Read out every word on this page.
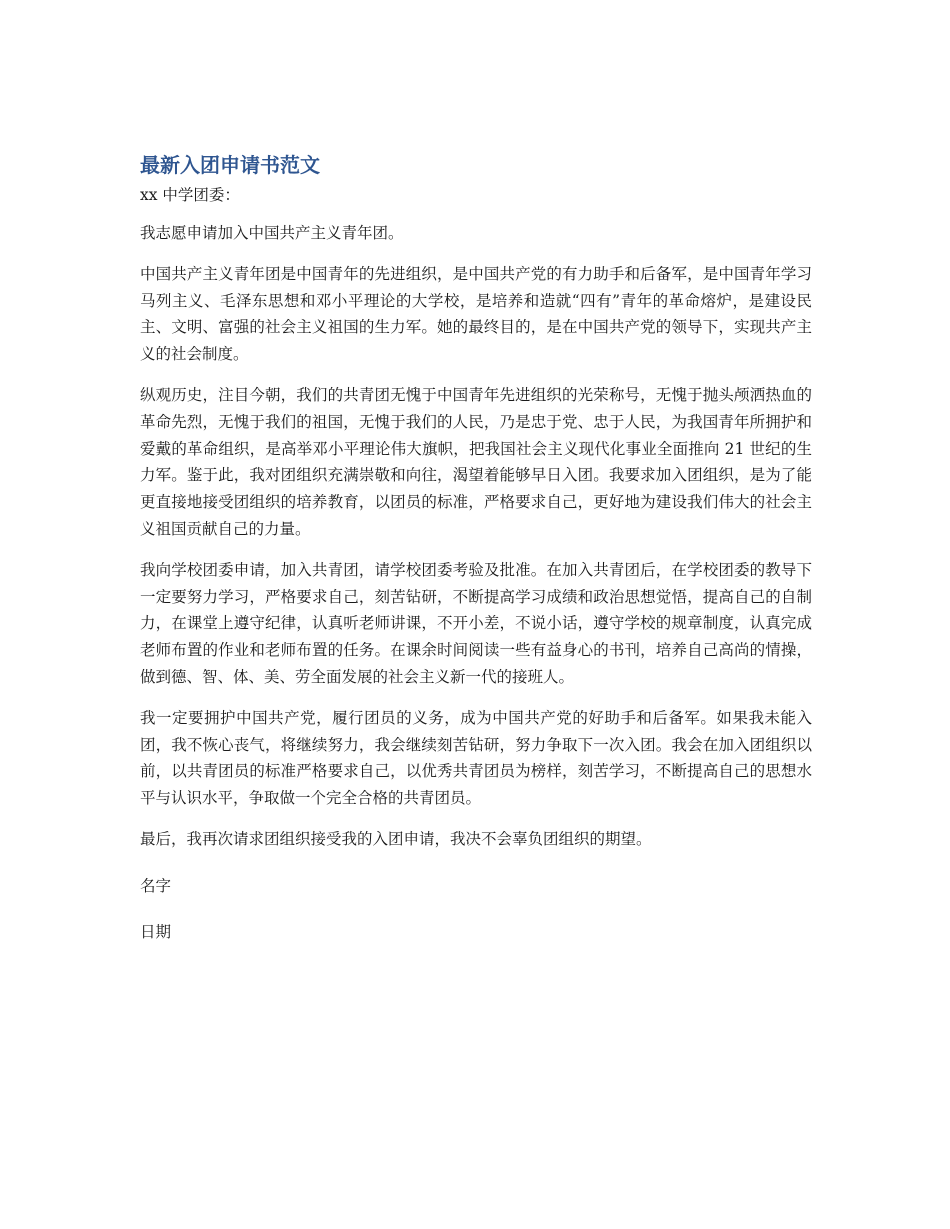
最新入团申请书范文

xx 中学团委：

我志愿申请加入中国共产主义青年团。

中国共产主义青年团是中国青年的先进组织，是中国共产党的有力助手和后备军，是中国青年学习马列主义、毛泽东思想和邓小平理论的大学校，是培养和造就“四有”青年的革命熔炉，是建设民主、文明、富强的社会主义祖国的生力军。她的最终目的，是在中国共产党的领导下，实现共产主义的社会制度。

纵观历史，注目今朝，我们的共青团无愧于中国青年先进组织的光荣称号，无愧于抛头颅洒热血的革命先烈，无愧于我们的祖国，无愧于我们的人民，乃是忠于党、忠于人民，为我国青年所拥护和爱戴的革命组织，是高举邓小平理论伟大旗帜，把我国社会主义现代化事业全面推向 21 世纪的生力军。鉴于此，我对团组织充满崇敬和向往，渴望着能够早日入团。我要求加入团组织，是为了能更直接地接受团组织的培养教育，以团员的标准，严格要求自己，更好地为建设我们伟大的社会主义祖国贡献自己的力量。

我向学校团委申请，加入共青团，请学校团委考验及批准。在加入共青团后，在学校团委的教导下一定要努力学习，严格要求自己，刻苦钻研，不断提高学习成绩和政治思想觉悟，提高自己的自制力，在课堂上遵守纪律，认真听老师讲课，不开小差，不说小话，遵守学校的规章制度，认真完成老师布置的作业和老师布置的任务。在课余时间阅读一些有益身心的书刊，培养自己高尚的情操，做到德、智、体、美、劳全面发展的社会主义新一代的接班人。

我一定要拥护中国共产党，履行团员的义务，成为中国共产党的好助手和后备军。如果我未能入团，我不恢心丧气，将继续努力，我会继续刻苦钻研，努力争取下一次入团。我会在加入团组织以前，以共青团员的标准严格要求自己，以优秀共青团员为榜样，刻苦学习，不断提高自己的思想水平与认识水平，争取做一个完全合格的共青团员。

最后，我再次请求团组织接受我的入团申请，我决不会辜负团组织的期望。

名字

日期
